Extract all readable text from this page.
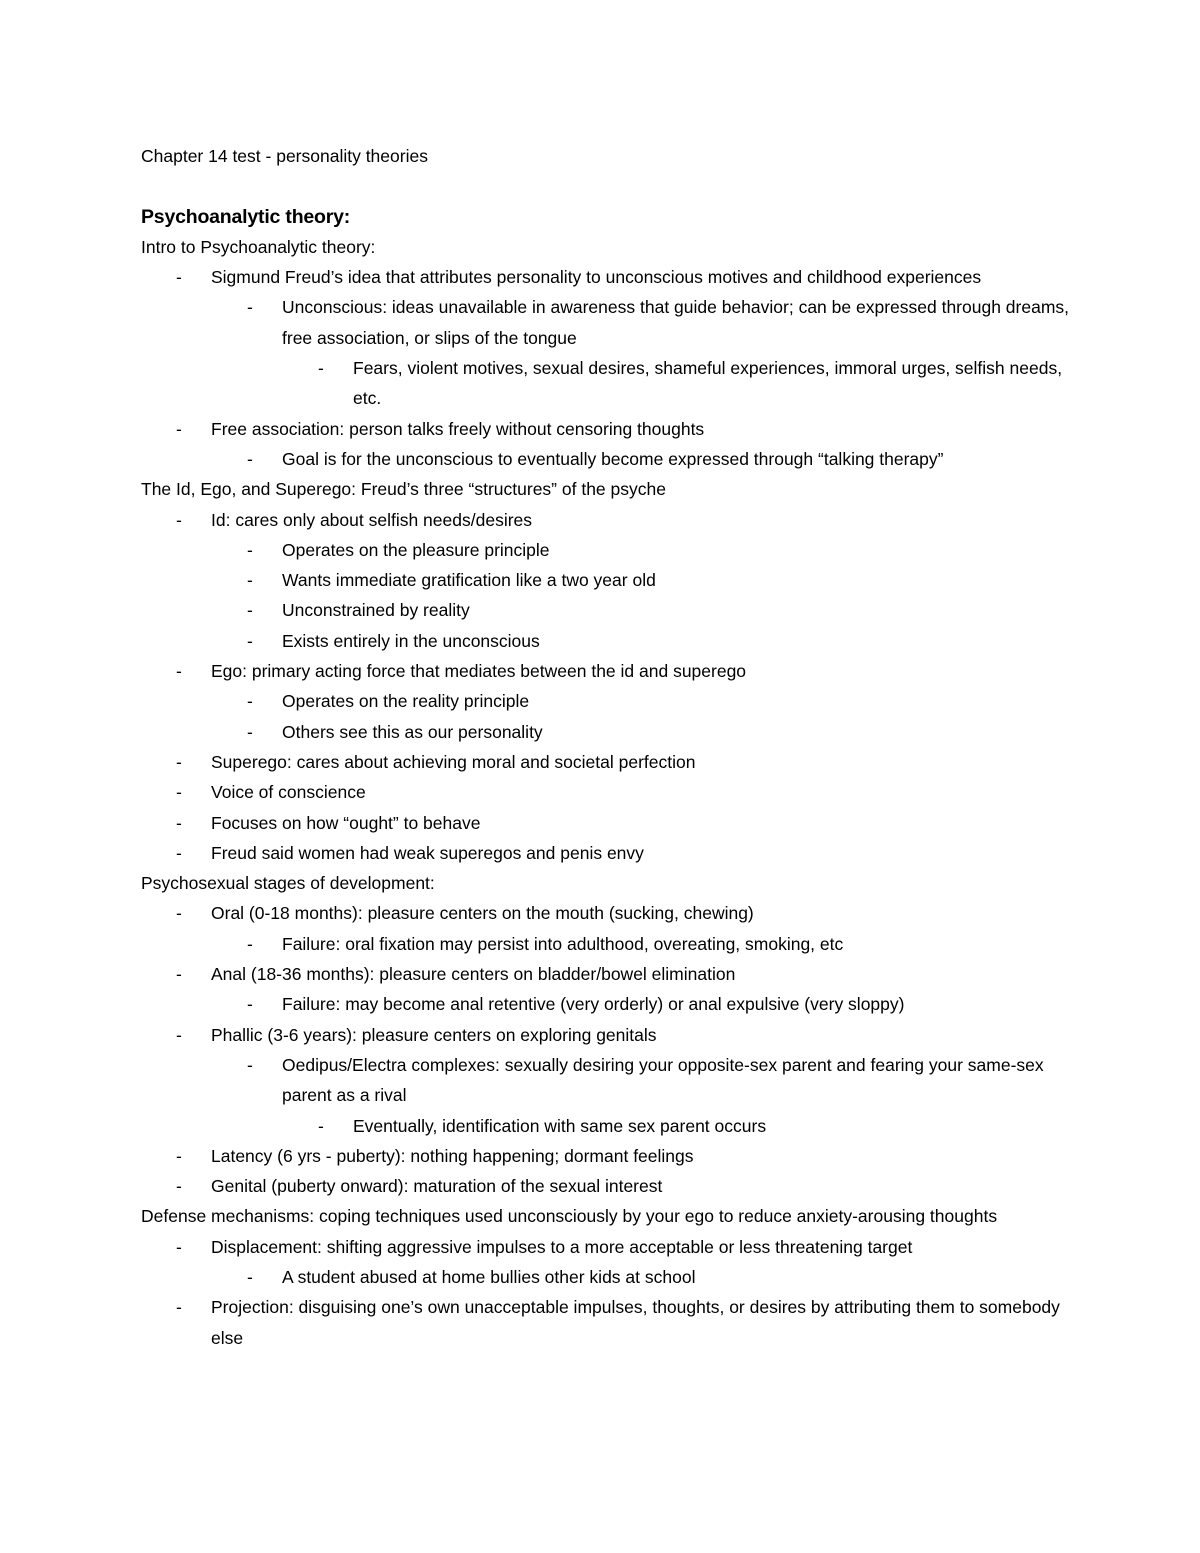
Chapter 14 test - personality theories

Psychoanalytic theory:

Intro to Psychoanalytic theory:

- Sigmund Freud’s idea that attributes personality to unconscious motives and childhood experiences

- Unconscious: ideas unavailable in awareness that guide behavior; can be expressed through dreams, free association, or slips of the tongue

- Fears, violent motives, sexual desires, shameful experiences, immoral urges, selfish needs, etc.

- Free association: person talks freely without censoring thoughts

- Goal is for the unconscious to eventually become expressed through “talking therapy”

The Id, Ego, and Superego: Freud’s three “structures” of the psyche

- Id: cares only about selfish needs/desires

- Operates on the pleasure principle

- Wants immediate gratification like a two year old

- Unconstrained by reality

- Exists entirely in the unconscious

- Ego: primary acting force that mediates between the id and superego

- Operates on the reality principle

- Others see this as our personality

- Superego: cares about achieving moral and societal perfection

- Voice of conscience

- Focuses on how “ought” to behave

- Freud said women had weak superegos and penis envy

Psychosexual stages of development:

- Oral (0-18 months): pleasure centers on the mouth (sucking, chewing)

- Failure: oral fixation may persist into adulthood, overeating, smoking, etc

- Anal (18-36 months): pleasure centers on bladder/bowel elimination

- Failure: may become anal retentive (very orderly) or anal expulsive (very sloppy)

- Phallic (3-6 years): pleasure centers on exploring genitals

- Oedipus/Electra complexes: sexually desiring your opposite-sex parent and fearing your same-sex parent as a rival

- Eventually, identification with same sex parent occurs

- Latency (6 yrs - puberty): nothing happening; dormant feelings

- Genital (puberty onward): maturation of the sexual interest

Defense mechanisms: coping techniques used unconsciously by your ego to reduce anxiety-arousing thoughts

- Displacement: shifting aggressive impulses to a more acceptable or less threatening target

- A student abused at home bullies other kids at school

- Projection: disguising one’s own unacceptable impulses, thoughts, or desires by attributing them to somebody else
